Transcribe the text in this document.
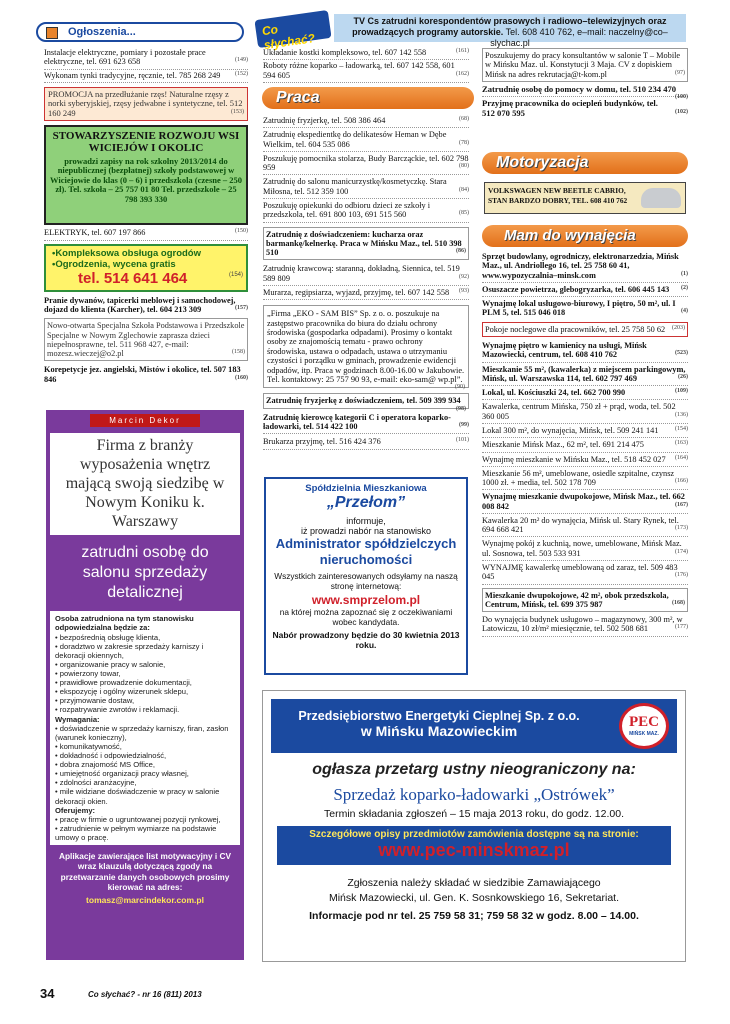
Ogłoszenia...	Co słychać?
TV Cs zatrudni korespondentów prasowych i radiowo–telewizyjnych oraz
prowadzących programy autorskie. Tel. 608 410 762, e–mail: naczelny@co–slychac.pl
Instalacje elektryczne, pomiary i pozostałe prace elektryczne, tel. 691 623 658	(149)
Wykonam tynki tradycyjne, ręcznie, tel. 785 268 249 (152)
PROMOCJA na przedłużanie rzęs! Naturalne rzęsy z norki syberyjskiej, rzęsy jedwabne i syntetyczne, tel. 512 160 249	(153)
STOWARZYSZENIE ROZWOJU WSI WICIEJÓW I OKOLIC
prowadzi zapisy na rok szkolny 2013/2014 do niepublicznej (bezpłatnej) szkoły podstawowej w Wiciejowie do klas (0 – 6) i przedszkola (czesne – 250 zł). Tel. szkoła – 25 757 01 80 Tel. przedszkole – 25 798 393 330
ELEKTRYK, tel. 607 197 866	(150)
•Kompleksowa obsługa ogrodów
•Ogrodzenia, wycena gratis
tel. 514 641 464	(154)
Pranie dywanów, tapicerki meblowej i samochodowej, dojazd do klienta (Karcher), tel. 604 213 309	(157)
Nowo-otwarta Specjalna Szkoła Podstawowa i Przedszkole Specjalne w Nowym Zglechowie zaprasza dzieci niepełnosprawne, tel. 511 968 427, e-mail: mozesz.wieczej@o2.pl	(158)
Korepetycje jez. angielski, Mistów i okolice, tel. 507 183 846	(160)
Marcin Dekor
Firma z branży wyposażenia wnętrz mającą swoją siedzibę w Nowym Koniku k. Warszawy
zatrudni osobę do salonu sprzedaży detalicznej
Osoba zatrudniona na tym stanowisku odpowiedzialna będzie za:
• bezpośrednią obsługę klienta,
• doradztwo w zakresie sprzedaży karniszy i dekoracji okiennych,
• organizowanie pracy w salonie,
• powierzony towar,
• prawidłowe prowadzenie dokumentacji,
• ekspozycję i ogólny wizerunek sklepu,
• przyjmowanie dostaw,
• rozpatrywanie zwrotów i reklamacji.
Wymagania:
• doświadczenie w sprzedaży karniszy, firan, zasłon (warunek konieczny),
• komunikatywność,
• dokładność i odpowiedzialność,
• dobra znajomość MS Office,
• umiejętność organizacji pracy własnej,
• zdolności aranżacyjne,
• mile widziane doświadczenie w pracy w salonie dekoracji okien.
Oferujemy:
• pracę w firmie o ugruntowanej pozycji rynkowej,
• zatrudnienie w pełnym wymiarze na podstawie umowy o pracę.
Aplikacje zawierające list motywacyjny i CV wraz klauzulą dotyczącą zgody na przetwarzanie danych osobowych prosimy kierować na adres:
tomasz@marcindekor.com.pl
Układanie kostki kompleksowo, tel. 607 142 558	(161)
Roboty różne koparko – ładowarką, tel. 607 142 558, 601 594 605	(162)
Praca
Zatrudnię fryzjerkę, tel. 508 386 464	(68)
Zatrudnię ekspedientkę do delikatesów Heman w Dębe Wielkim, tel. 604 535 086	(78)
Poszukuję pomocnika stolarza, Budy Barcząckie, tel. 602 798 959	(80)
Zatrudnię do salonu manicurzystkę/kosmetyczkę. Stara Miłosna, tel. 512 359 100	(84)
Poszukuję opiekunki do odbioru dzieci ze szkoły i przedszkola, tel. 691 800 103, 691 515 560	(85)
Zatrudnię z doświadczeniem: kucharza oraz barmankę/kelnerkę. Praca w Mińsku Maz., tel. 510 398 510	(86)
Zatrudnię krawcową: staranną, dokładną, Siennica, tel. 519 589 809	(92)
Murarza, regipsiarza, wyjazd, przyjmę, tel. 607 142 558 (93)
„Firma „EKO - SAM BIS” Sp. z o. o. poszukuje na zastępstwo pracownika do biura do działu ochrony środowiska (gospodarka odpadami). Prosimy o kontakt osoby ze znajomością tematu - prawo ochrony środowiska, ustawa o odpadach, ustawa o utrzymaniu czystości i porządku w gminach, prowadzenie ewidencji odpadów, itp. Praca w godzinach 8.00-16.00 w Jakubowie. Tel. kontaktowy: 25 757 90 93, e-mail: eko-sam@ wp.pl”.
(90)
Zatrudnię fryzjerkę z doświadczeniem, tel. 509 399 934
(98)
Zatrudnię kierowcę kategorii C i operatora koparko-ładowarki, tel. 514 422 100	(99)
Brukarza przyjmę, tel. 516 424 376	(101)
Spółdzielnia Mieszkaniowa
„Przełom”
informuje,
iż prowadzi nabór na stanowisko
Administrator spółdzielczych nieruchomości
Wszystkich zainteresowanych odsyłamy na naszą stronę internetową:
www.smprzelom.pl
na której można zapoznać się z oczekiwaniami wobec kandydata.
Nabór prowadzony będzie do 30 kwietnia 2013 roku.
Poszukujemy do pracy konsultantów w salonie T – Mobile w Mińsku Maz. ul. Konstytucji 3 Maja. CV z dopiskiem Mińsk na adres rekrutacja@t-kom.pl	(97)
Zatrudnię osobę do pomocy w domu, tel. 510 234 470
(100)
Przyjmę pracownika do ociepleń budynków, tel. 512 070 595	(102)
Motoryzacja
VOLKSWAGEN NEW BEETLE CABRIO, STAN BARDZO DOBRY, TEL. 608 410 762
Mam do wynajęcia
Sprzęt budowlany, ogrodniczy, elektronarzedzia, Mińsk Maz., ul. Andriollego 16, tel. 25 758 60 41, www.wypozyczalnia–minsk.com	(1)
Osuszacze powietrza, glebogryzarka, tel. 606 445 143 (2)
Wynajmę lokal usługowo-biurowy, I piętro, 50 m², ul. I PLM 5, tel. 515 046 018	(4)
Pokoje noclegowe dla pracowników, tel. 25 758 50 62 (203)
Wynajmę piętro w kamienicy na usługi, Mińsk Mazowiecki, centrum, tel. 608 410 762	(523)
Mieszkanie 55 m², (kawalerka) z miejscem parkingowym, Mińsk, ul. Warszawska 114, tel. 602 797 469	(26)
Lokal, ul. Kościuszki 24, tel. 662 700 990	(109)
Kawalerka, centrum Mińska, 750 zł + prąd, woda, tel. 502 360 005	(136)
Lokal 300 m², do wynajęcia, Mińsk, tel. 509 241 141	(154)
Mieszkanie Mińsk Maz., 62 m², tel. 691 214 475	(163)
Wynajmę mieszkanie w Mińsku Maz., tel. 518 452 027 (164)
Mieszkanie 56 m², umeblowane, osiedle szpitalne, czynsz 1000 zł. + media, tel. 502 178 709	(166)
Wynajmę mieszkanie dwupokojowe, Mińsk Maz., tel. 662 008 842	(167)
Kawalerka 20 m² do wynajęcia, Mińsk ul. Stary Rynek, tel. 694 668 421	(173)
Wynajmę pokój z kuchnią, nowe, umeblowane, Mińsk Maz. ul. Sosnowa, tel. 503 533 931	(174)
WYNAJMĘ kawalerkę umeblowaną od zaraz, tel. 509 483 045	(176)
Mieszkanie dwupokojowe, 42 m², obok przedszkola, Centrum, Mińsk, tel. 699 375 987	(168)
Do wynajęcia budynek usługowo – magazynowy, 300 m², w Latowiczu, 10 zł/m² miesięcznie, tel. 502 508 681	(177)
Przedsiębiorstwo Energetyki Cieplnej Sp. z o.o.
w Mińsku Mazowieckim
PEC
MIŃSK MAZ.
ogłasza przetarg ustny nieograniczony na:
Sprzedaż koparko-ładowarki „Ostrówek”
Termin składania zgłoszeń – 15 maja 2013 roku, do godz. 12.00.
Szczegółowe opisy przedmiotów zamówienia dostępne są na stronie:
www.pec-minskmaz.pl
Zgłoszenia należy składać w siedzibie Zamawiającego
Mińsk Mazowiecki, ul. Gen. K. Sosnkowskiego 16, Sekretariat.
Informacje pod nr tel. 25 759 58 31; 759 58 32 w godz. 8.00 – 14.00.
34	Co słychać? - nr 16 (811) 2013
